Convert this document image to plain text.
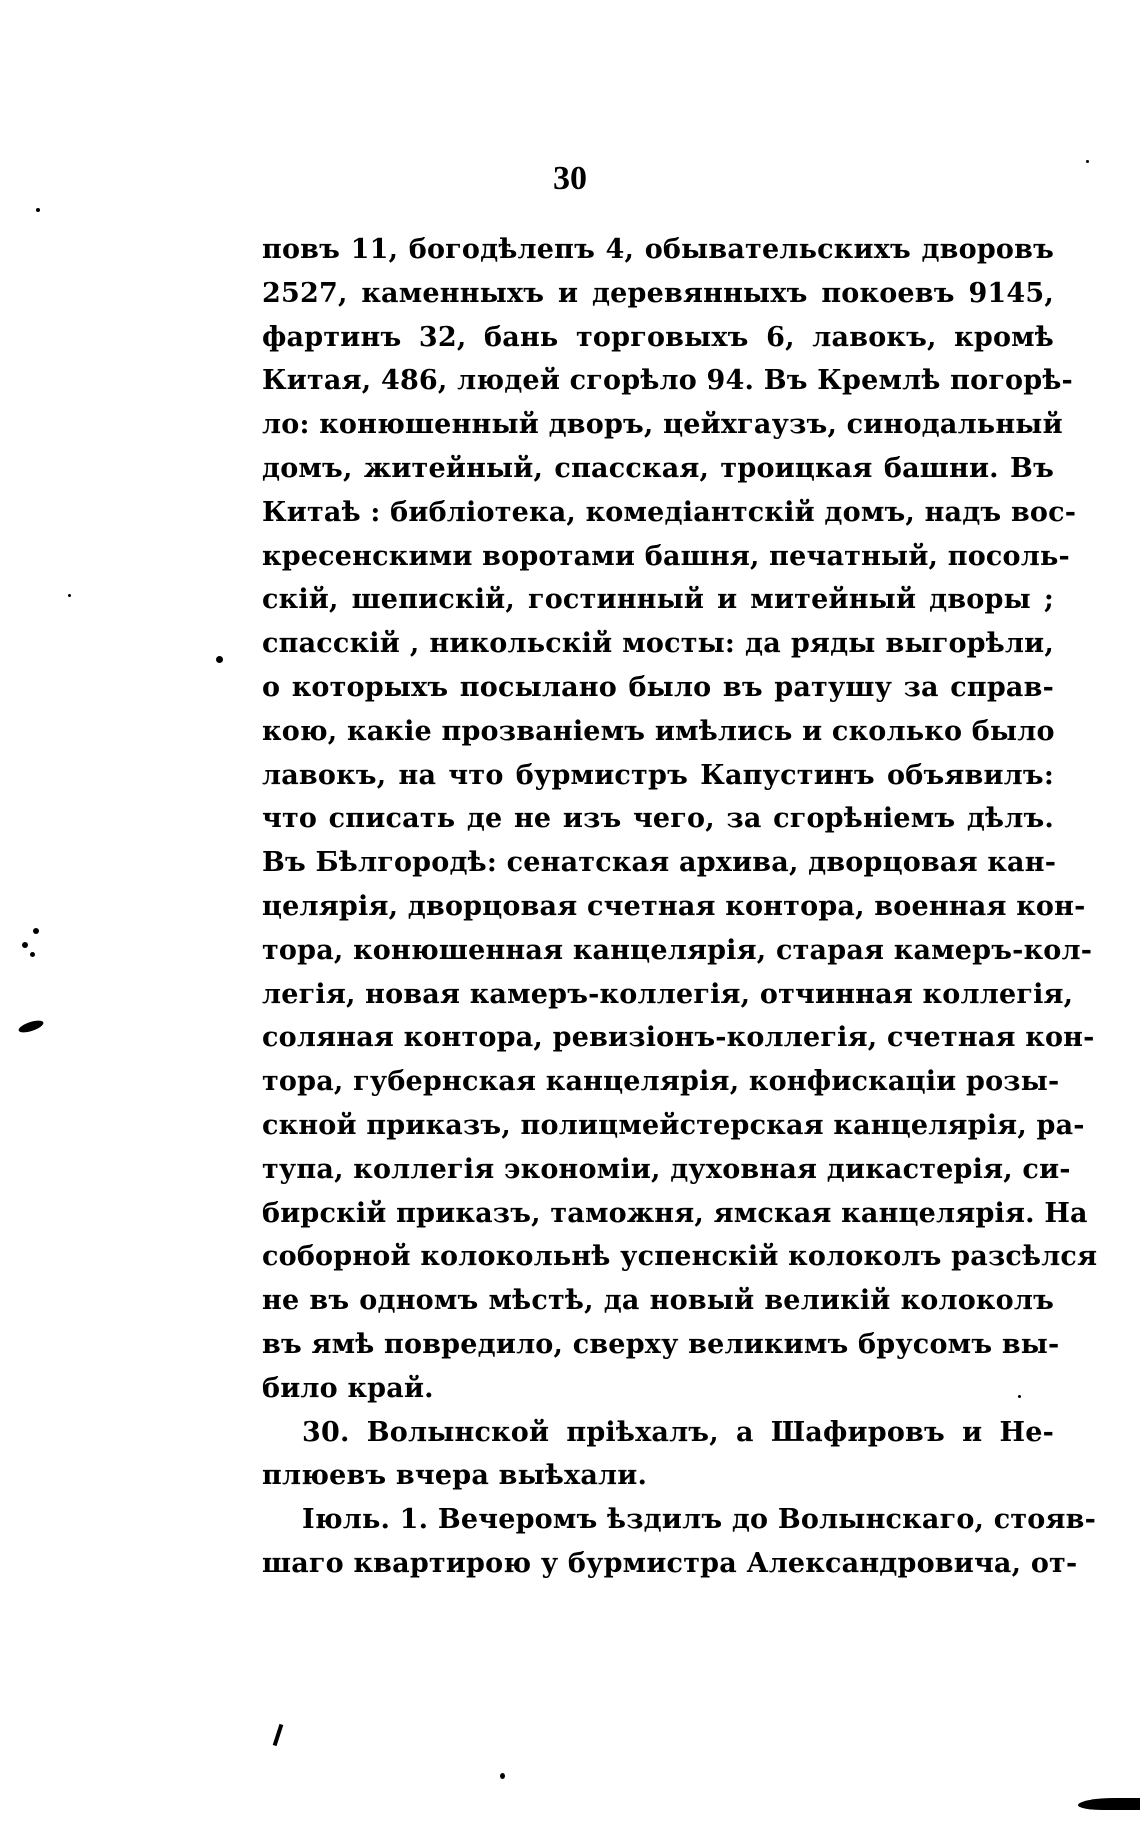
30
повъ 11, богодѣлепъ 4, обывательскихъ дворовъ
2527, каменныхъ и деревянныхъ покоевъ 9145,
фартинъ 32, бань торговыхъ 6, лавокъ, кромѣ
Китая, 486, людей сгорѣло 94. Въ Кремлѣ погорѣ-
ло: конюшенный дворъ, цейхгаузъ, синодальный
домъ, житейный, спасская, троицкая башни. Въ
Китаѣ : библіотека, комедіантскій домъ, надъ вос-
кресенскими воротами башня, печатный, посоль-
скій, шепискій, гостинный и митейный дворы ;
спасскій , никольскій мосты: да ряды выгорѣли,
о которыхъ посылано было въ ратушу за справ-
кою, какіе прозваніемъ имѣлись и сколько было
лавокъ, на что бурмистръ Капустинъ объявилъ:
что списать де не изъ чего, за сгорѣніемъ дѣлъ.
Въ Бѣлгородѣ: сенатская архива, дворцовая кан-
целярія, дворцовая счетная контора, военная кон-
тора, конюшенная канцелярія, старая камеръ-кол-
легія, новая камеръ-коллегія, отчинная коллегія,
соляная контора, ревизіонъ-коллегія, счетная кон-
тора, губернская канцелярія, конфискаціи розы-
скной приказъ, полицмейстерская канцелярія, ра-
тупа, коллегія экономіи, духовная дикастерія, си-
бирскій приказъ, таможня, ямская канцелярія. На
соборной колокольнѣ успенскій колоколъ разсѣлся
не въ одномъ мѣстѣ, да новый великій колоколъ
въ ямѣ повредило, сверху великимъ брусомъ вы-
било край.
30. Волынской пріѣхалъ, а Шафировъ и Не-
плюевъ вчера выѣхали.
Іюль. 1. Вечеромъ ѣздилъ до Волынскаго, стояв-
шаго квартирою у бурмистра Александровича, от-
